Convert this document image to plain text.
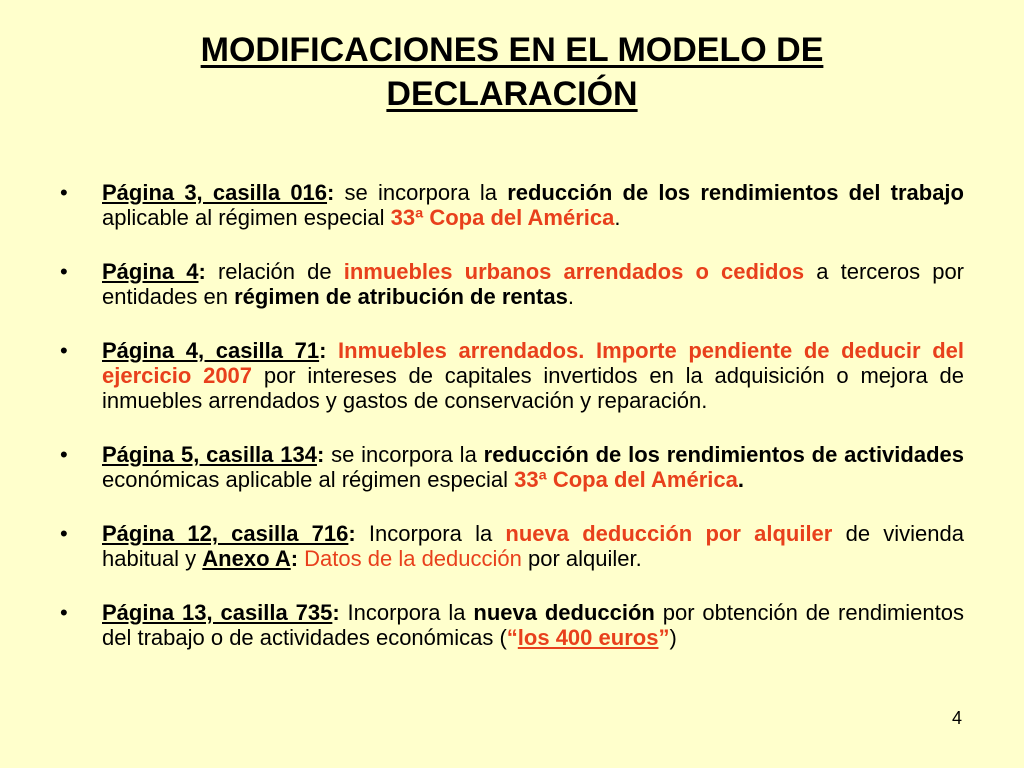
MODIFICACIONES EN EL MODELO DE
DECLARACIÓN
• Página 3, casilla 016: se incorpora la reducción de los rendimientos del trabajo aplicable al régimen especial 33ª Copa del América.
• Página 4: relación de inmuebles urbanos arrendados o cedidos a terceros por entidades en régimen de atribución de rentas.
• Página 4, casilla 71: Inmuebles arrendados. Importe pendiente de deducir del ejercicio 2007 por intereses de capitales invertidos en la adquisición o mejora de inmuebles arrendados y gastos de conservación y reparación.
• Página 5, casilla 134: se incorpora la reducción de los rendimientos de actividades económicas aplicable al régimen especial 33ª Copa del América.
• Página 12, casilla 716: Incorpora la nueva deducción por alquiler de vivienda habitual y Anexo A: Datos de la deducción por alquiler.
• Página 13, casilla 735: Incorpora la nueva deducción por obtención de rendimientos del trabajo o de actividades económicas (“los 400 euros”)
4
